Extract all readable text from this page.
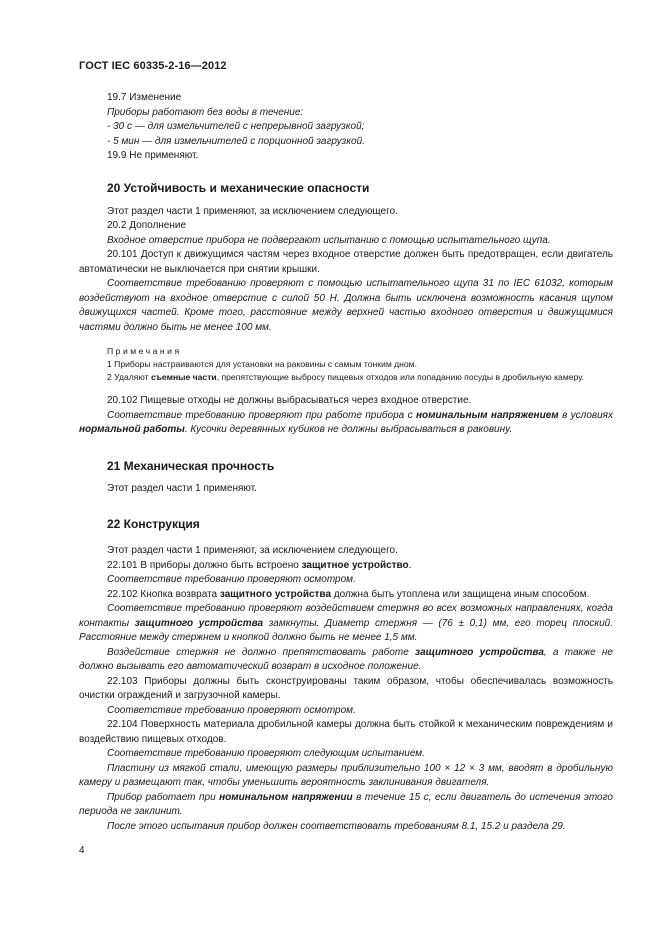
ГОСТ IEC 60335-2-16—2012

19.7 Изменение

Приборы работают без воды в течение:

- 30 с — для измельчителей с непрерывной загрузкой;

- 5 мин — для измельчителей с порционной загрузкой.

19.9 Не применяют.

20 Устойчивость и механические опасности

Этот раздел части 1 применяют, за исключением следующего.

20.2 Дополнение

Входное отверстие прибора не подвергают испытанию с помощью испытательного щупа.

20.101 Доступ к движущимся частям через входное отверстие должен быть предотвращен, если двигатель автоматически не выключается при снятии крышки.

Соответствие требованию проверяют с помощью испытательного щупа 31 по IEC 61032, которым воздействуют на входное отверстие с силой 50 Н. Должна быть исключена возможность касания щупом движущихся частей. Кроме того, расстояние между верхней частью входного отверстия и движущимися частями должно быть не менее 100 мм.

Примечания

1 Приборы настраиваются для установки на раковины с самым тонким дном.

2 Удаляют съемные части, препятствующие выбросу пищевых отходов или попаданию посуды в дробильную камеру.

20.102 Пищевые отходы не должны выбрасываться через входное отверстие.

Соответствие требованию проверяют при работе прибора с номинальным напряжением в условиях нормальной работы. Кусочки деревянных кубиков не должны выбрасываться в раковину.

21 Механическая прочность

Этот раздел части 1 применяют.

22 Конструкция

Этот раздел части 1 применяют, за исключением следующего.

22.101 В приборы должно быть встроено защитное устройство.

Соответствие требованию проверяют осмотром.

22.102 Кнопка возврата защитного устройства должна быть утоплена или защищена иным способом.

Соответствие требованию проверяют воздействием стержня во всех возможных направлениях, когда контакты защитного устройства замкнуты. Диаметр стержня — (76 ± 0,1) мм, его торец плоский. Расстояние между стержнем и кнопкой должно быть не менее 1,5 мм.

Воздействие стержня не должно препятствовать работе защитного устройства, а также не должно вызывать его автоматический возврат в исходное положение.

22.103 Приборы должны быть сконструированы таким образом, чтобы обеспечивалась возможность очистки ограждений и загрузочной камеры.

Соответствие требованию проверяют осмотром.

22.104 Поверхность материала дробильной камеры должна быть стойкой к механическим повреждениям и воздействию пищевых отходов.

Соответствие требованию проверяют следующим испытанием.

Пластину из мягкой стали, имеющую размеры приблизительно 100 × 12 × 3 мм, вводят в дробильную камеру и размещают так, чтобы уменьшить вероятность заклинивания двигателя.

Прибор работает при номинальном напряжении в течение 15 с, если двигатель до истечения этого периода не заклинит.

После этого испытания прибор должен соответствовать требованиям 8.1, 15.2 и раздела 29.

4
